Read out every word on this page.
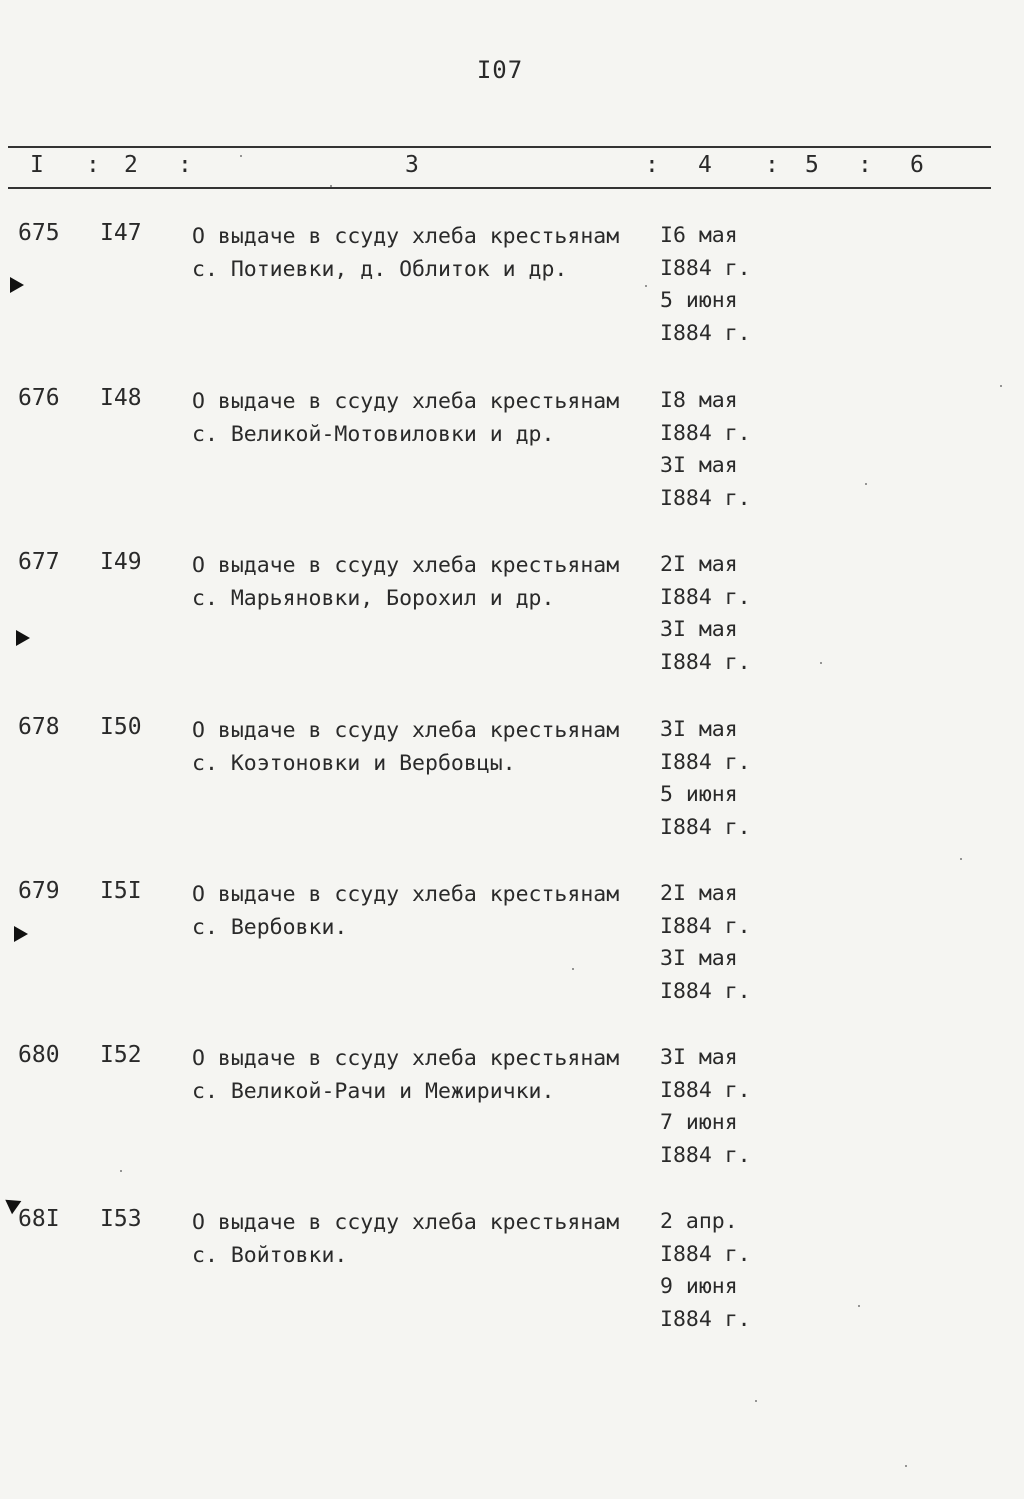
I07
I : 2 :	3	: 4 : 5 : 6
675 I47 О выдаче в ссуду хлеба крестьянам
с. Потиевки, д. Облиток и др.
I6 мая
I884 г.
5 июня
I884 г.
676 I48 О выдаче в ссуду хлеба крестьянам
с. Великой-Мотовиловки и др.
I8 мая
I884 г.
3I мая
I884 г.
677 I49 О выдаче в ссуду хлеба крестьянам
с. Марьяновки, Борохил и др.
2I мая
I884 г.
3I мая
I884 г.
678 I50 О выдаче в ссуду хлеба крестьянам
с. Коэтоновки и Вербовцы.
3I мая
I884 г.
5 июня
I884 г.
679 I5I О выдаче в ссуду хлеба крестьянам
с. Вербовки.
2I мая
I884 г.
3I мая
I884 г.
680 I52 О выдаче в ссуду хлеба крестьянам
с. Великой-Рачи и Межирички.
3I мая
I884 г.
7 июня
I884 г.
68I I53 О выдаче в ссуду хлеба крестьянам
с. Войтовки.
2 апр.
I884 г.
9 июня
I884 г.
